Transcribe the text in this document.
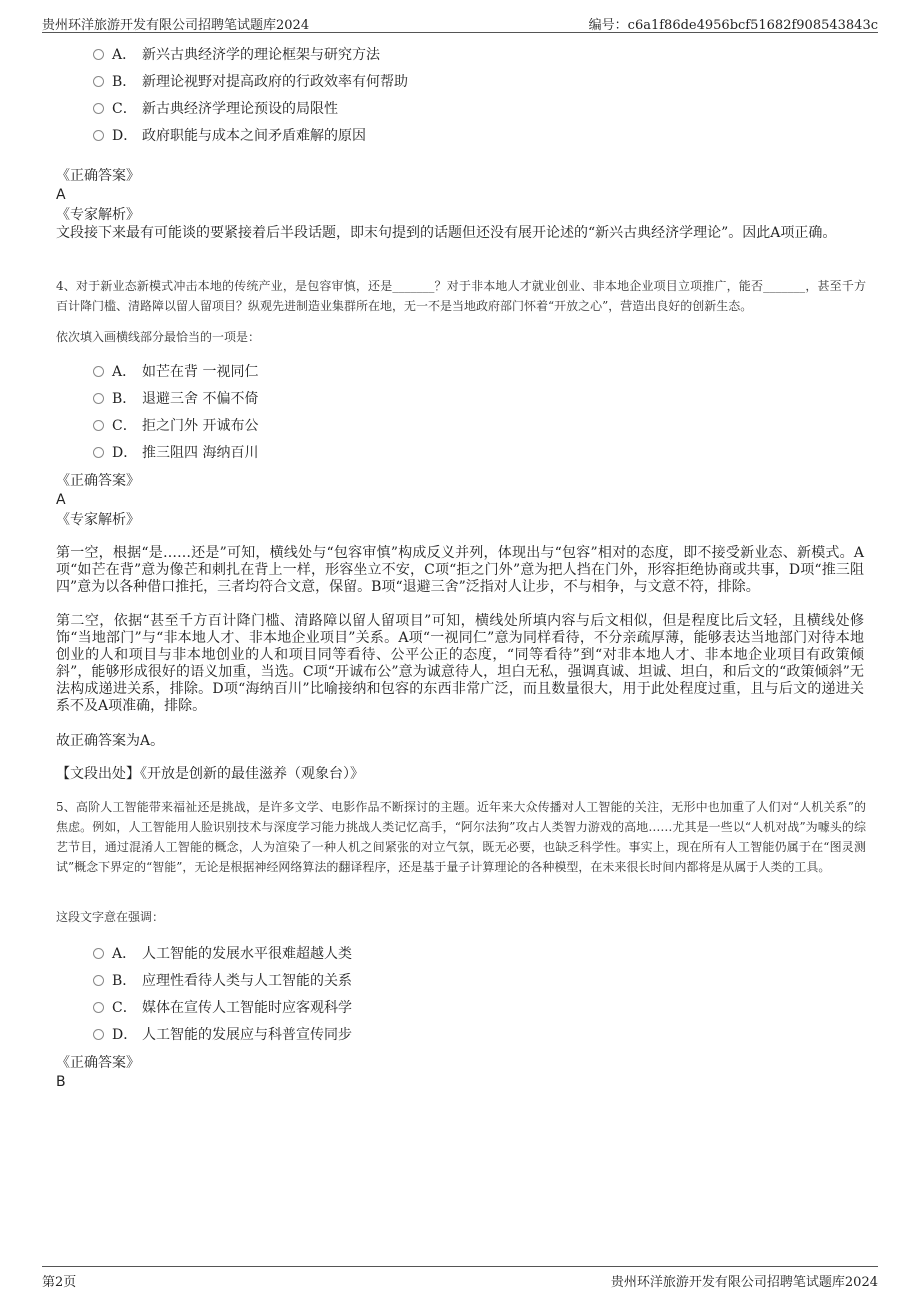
贵州环洋旅游开发有限公司招聘笔试题库2024	编号：c6a1f86de4956bcf51682f908543843c
A． 新兴古典经济学的理论框架与研究方法
B． 新理论视野对提高政府的行政效率有何帮助
C． 新古典经济学理论预设的局限性
D． 政府职能与成本之间矛盾难解的原因
《正确答案》
A
《专家解析》
文段接下来最有可能谈的要紧接着后半段话题，即末句提到的话题但还没有展开论述的“新兴古典经济学理论”。因此A项正确。
4、对于新业态新模式冲击本地的传统产业，是包容审慎，还是_______？对于非本地人才就业创业、非本地企业项目立项推广，能否_______，甚至千方百计降门槛、清路障以留人留项目？纵观先进制造业集群所在地，无一不是当地政府部门怀着“开放之心”，营造出良好的创新生态。
依次填入画横线部分最恰当的一项是：
A． 如芒在背 一视同仁
B． 退避三舍 不偏不倚
C． 拒之门外 开诚布公
D． 推三阻四 海纳百川
《正确答案》
A
《专家解析》
第一空，根据“是……还是”可知，横线处与“包容审慎”构成反义并列，体现出与“包容”相对的态度，即不接受新业态、新模式。A项“如芒在背”意为像芒和刺扎在背上一样，形容坐立不安，C项“拒之门外”意为把人挡在门外，形容拒绝协商或共事，D项“推三阻四”意为以各种借口推托，三者均符合文意，保留。B项“退避三舍”泛指对人让步，不与相争，与文意不符，排除。
第二空，依据“甚至千方百计降门槛、清路障以留人留项目”可知，横线处所填内容与后文相似，但是程度比后文轻，且横线处修饰“当地部门”与“非本地人才、非本地企业项目”关系。A项“一视同仁”意为同样看待，不分亲疏厚薄，能够表达当地部门对待本地创业的人和项目与非本地创业的人和项目同等看待、公平公正的态度，“同等看待”到“对非本地人才、非本地企业项目有政策倾斜”，能够形成很好的语义加重，当选。C项“开诚布公”意为诚意待人，坦白无私，强调真诚、坦诚、坦白，和后文的“政策倾斜”无法构成递进关系，排除。D项“海纳百川”比喻接纳和包容的东西非常广泛，而且数量很大，用于此处程度过重，且与后文的递进关系不及A项准确，排除。
故正确答案为A。
【文段出处】《开放是创新的最佳滋养（观象台）》
5、高阶人工智能带来福祉还是挑战，是许多文学、电影作品不断探讨的主题。近年来大众传播对人工智能的关注，无形中也加重了人们对“人机关系”的焦虑。例如，人工智能用人脸识别技术与深度学习能力挑战人类记忆高手，“阿尔法狗”攻占人类智力游戏的高地……尤其是一些以“人机对战”为噱头的综艺节目，通过混淆人工智能的概念，人为渲染了一种人机之间紧张的对立气氛，既无必要，也缺乏科学性。事实上，现在所有人工智能仍属于在“图灵测试”概念下界定的“智能”，无论是根据神经网络算法的翻译程序，还是基于量子计算理论的各种模型，在未来很长时间内都将是从属于人类的工具。
这段文字意在强调：
A． 人工智能的发展水平很难超越人类
B． 应理性看待人类与人工智能的关系
C． 媒体在宣传人工智能时应客观科学
D． 人工智能的发展应与科普宣传同步
《正确答案》
B
第2页	贵州环洋旅游开发有限公司招聘笔试题库2024
